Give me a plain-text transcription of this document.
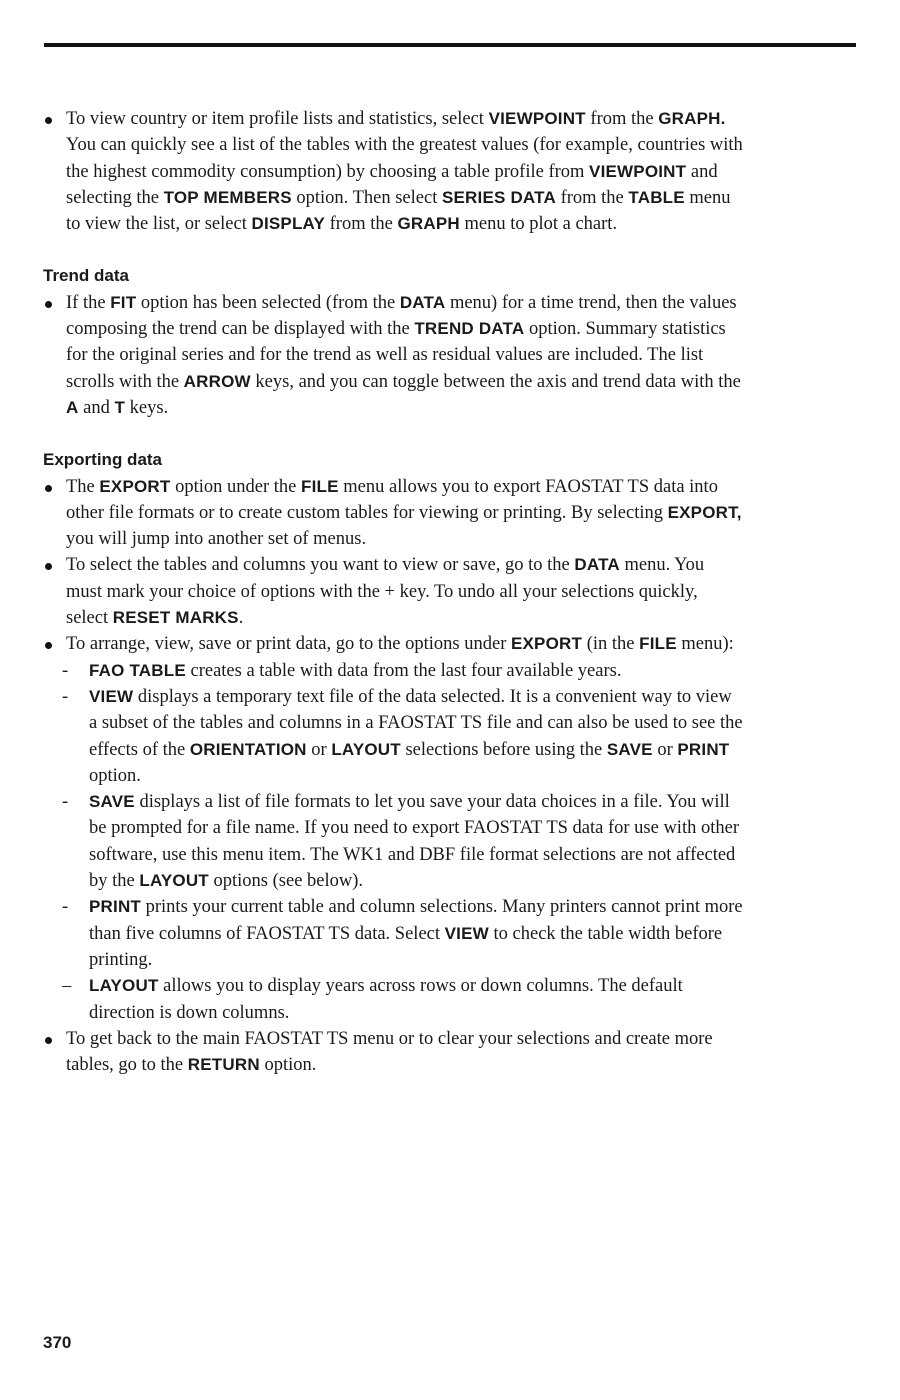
To view country or item profile lists and statistics, select VIEWPOINT from the GRAPH. You can quickly see a list of the tables with the greatest values (for example, countries with the highest commodity consumption) by choosing a table profile from VIEWPOINT and selecting the TOP MEMBERS option. Then select SERIES DATA from the TABLE menu to view the list, or select DISPLAY from the GRAPH menu to plot a chart.
Trend data
If the FIT option has been selected (from the DATA menu) for a time trend, then the values composing the trend can be displayed with the TREND DATA option. Summary statistics for the original series and for the trend as well as residual values are included. The list scrolls with the ARROW keys, and you can toggle between the axis and trend data with the A and T keys.
Exporting data
The EXPORT option under the FILE menu allows you to export FAOSTAT TS data into other file formats or to create custom tables for viewing or printing. By selecting EXPORT, you will jump into another set of menus.
To select the tables and columns you want to view or save, go to the DATA menu. You must mark your choice of options with the + key. To undo all your selections quickly, select RESET MARKS.
To arrange, view, save or print data, go to the options under EXPORT (in the FILE menu):
- FAO TABLE creates a table with data from the last four available years.
- VIEW displays a temporary text file of the data selected. It is a convenient way to view a subset of the tables and columns in a FAOSTAT TS file and can also be used to see the effects of the ORIENTATION or LAYOUT selections before using the SAVE or PRINT option.
- SAVE displays a list of file formats to let you save your data choices in a file. You will be prompted for a file name. If you need to export FAOSTAT TS data for use with other software, use this menu item. The WK1 and DBF file format selections are not affected by the LAYOUT options (see below).
- PRINT prints your current table and column selections. Many printers cannot print more than five columns of FAOSTAT TS data. Select VIEW to check the table width before printing.
– LAYOUT allows you to display years across rows or down columns. The default direction is down columns.
To get back to the main FAOSTAT TS menu or to clear your selections and create more tables, go to the RETURN option.
370
